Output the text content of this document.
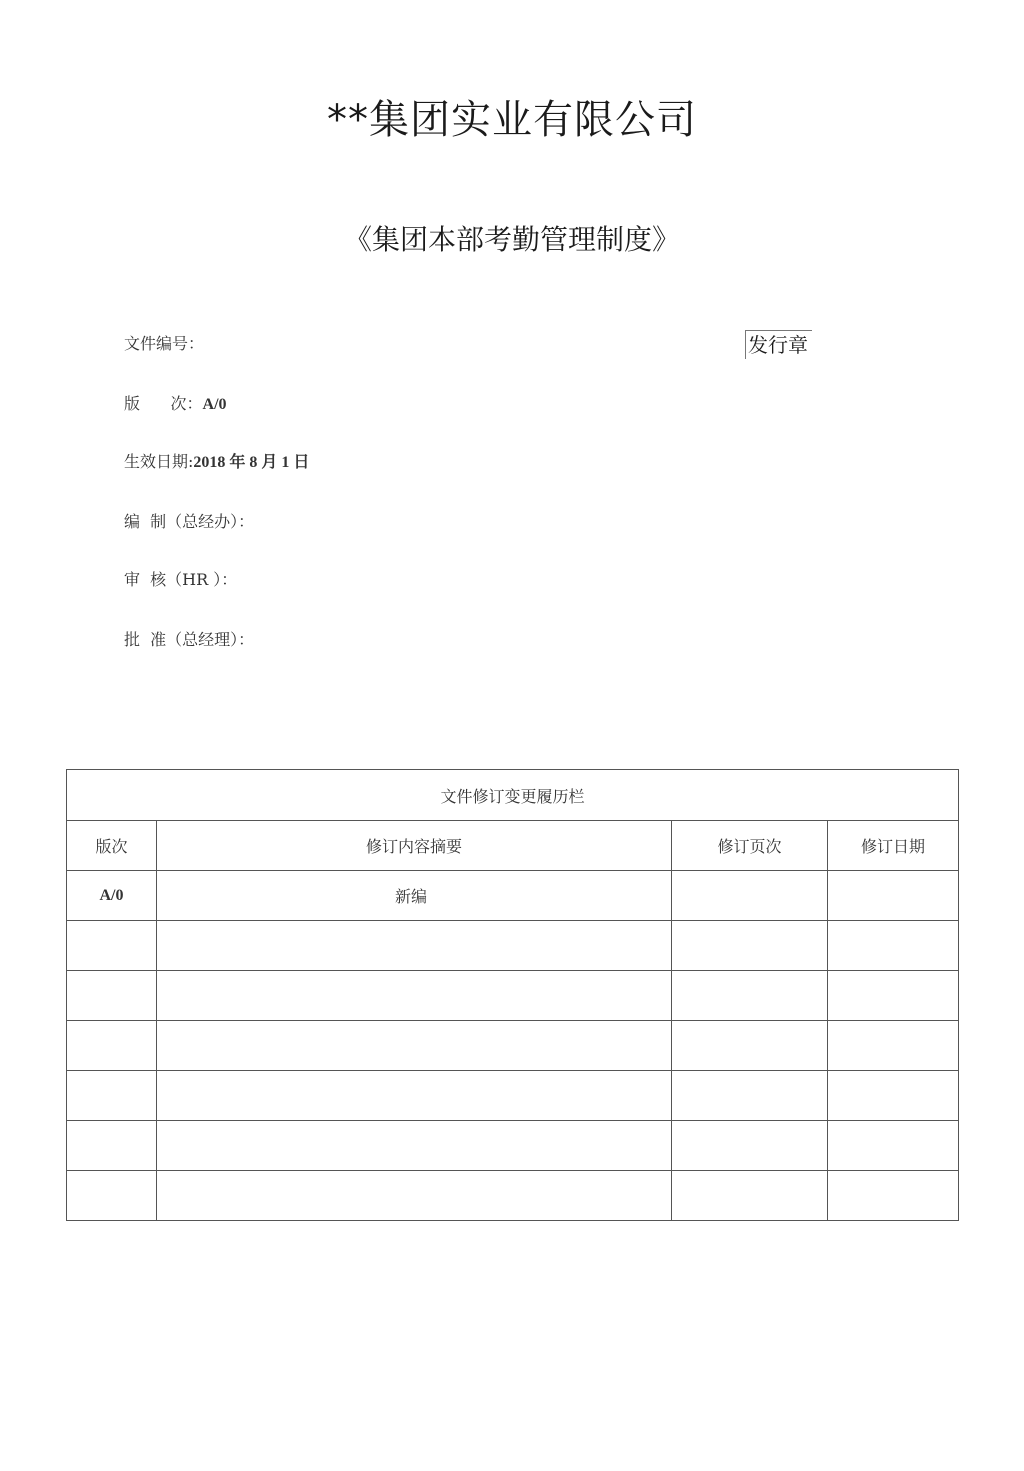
**集团实业有限公司
《集团本部考勤管理制度》
文件编号：	发行章
版      次：A/0
生效日期:2018 年 8 月 1 日
编  制（总经办）：
审  核（HR ）：
批  准（总经理）：
文件修订变更履历栏			
版次	修订内容摘要	修订页次	修订日期
A/0	新编		
